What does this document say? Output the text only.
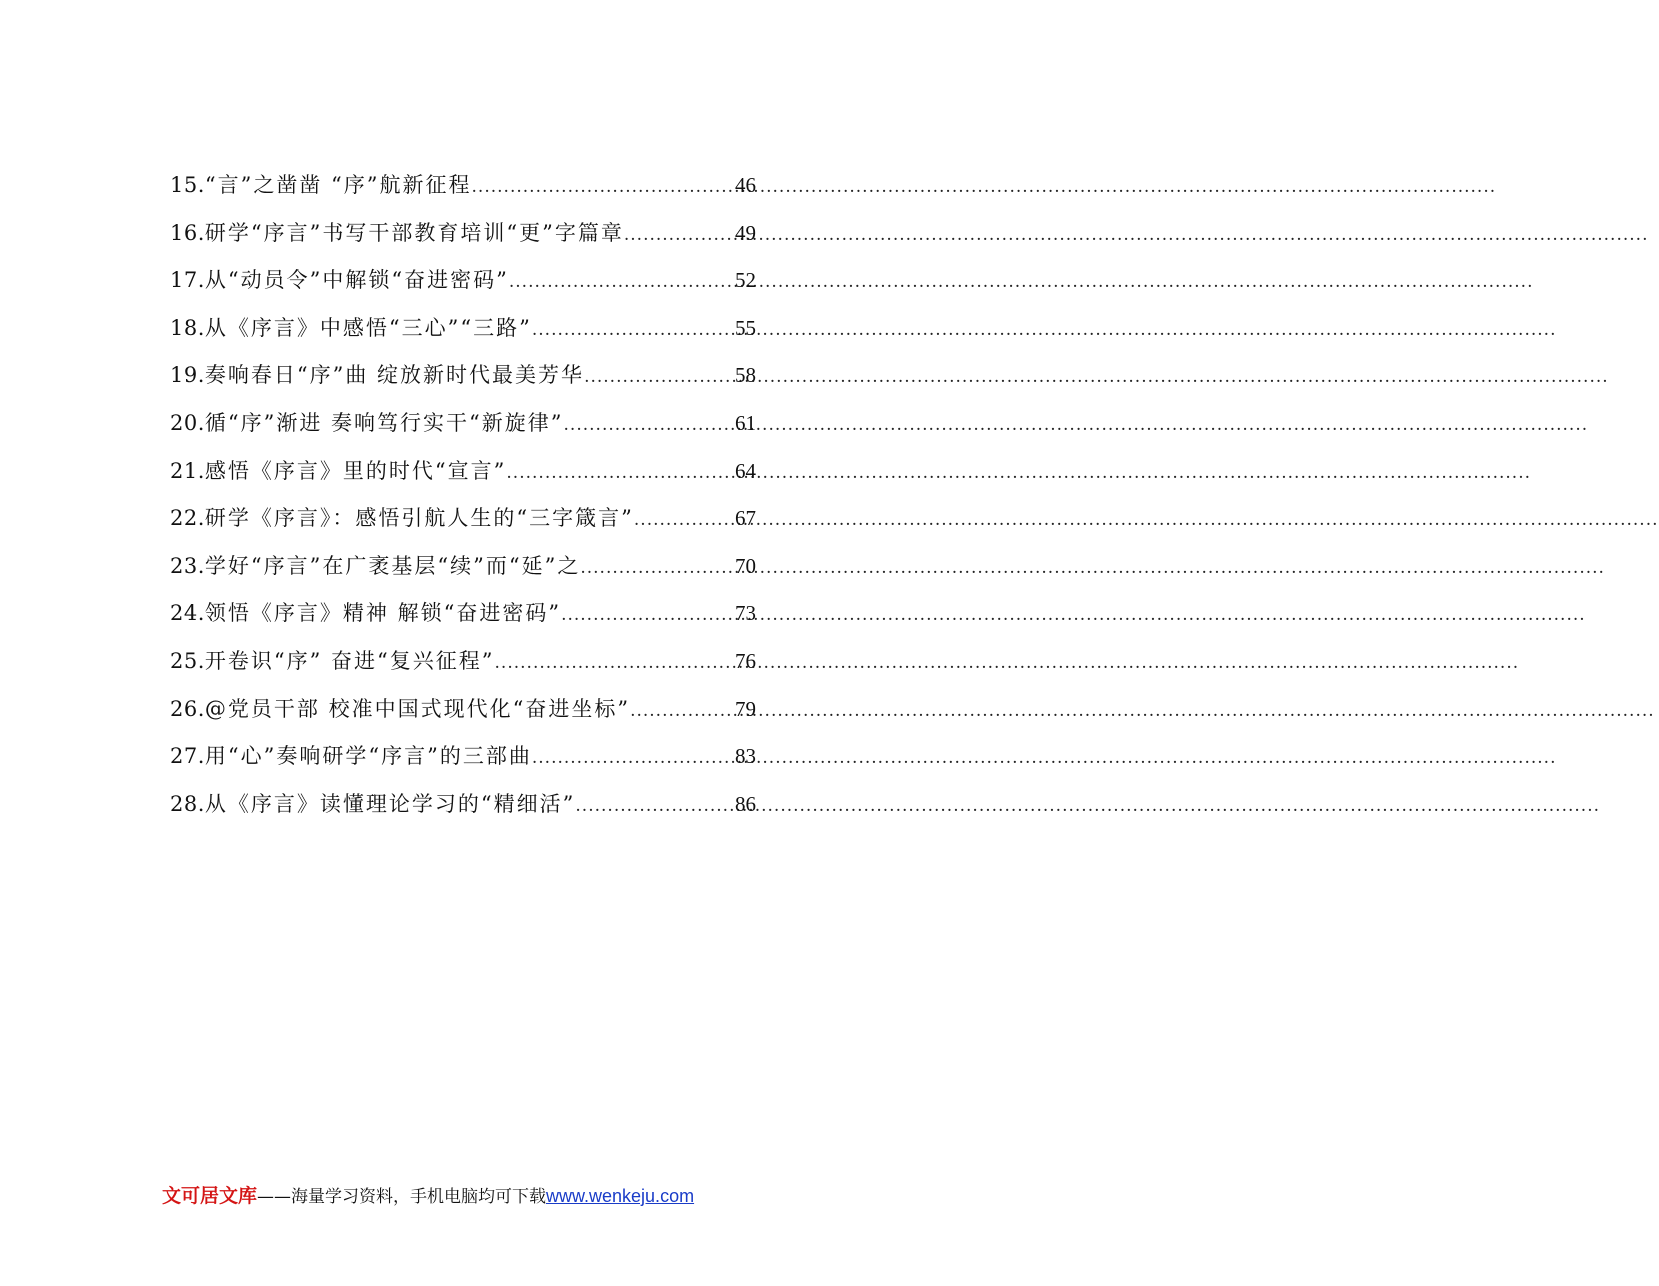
15. “言”之凿凿 “序”航新征程 .....	46
16. 研学“序言”书写干部教育培训“更”字篇章 .....	49
17. 从“动员令”中解锁“奋进密码” .....	52
18. 从《序言》中感悟“三心”“三路” .....	55
19. 奏响春日“序”曲 绽放新时代最美芳华 .....	58
20. 循“序”渐进 奏响笃行实干“新旋律” .....	61
21. 感悟《序言》里的时代“宣言” .....	64
22. 研学《序言》：感悟引航人生的“三字箴言” .....	67
23. 学好“序言”在广袤基层“续”而“延”之 .....	70
24. 领悟《序言》精神 解锁“奋进密码” .....	73
25. 开卷识“序” 奋进“复兴征程” .....	76
26. @党员干部 校准中国式现代化“奋进坐标” .....	79
27. 用“心”奏响研学“序言”的三部曲 .....	83
28. 从《序言》读懂理论学习的“精细活” .....	86
文可居文库——海量学习资料，手机电脑均可下载www.wenkeju.com
